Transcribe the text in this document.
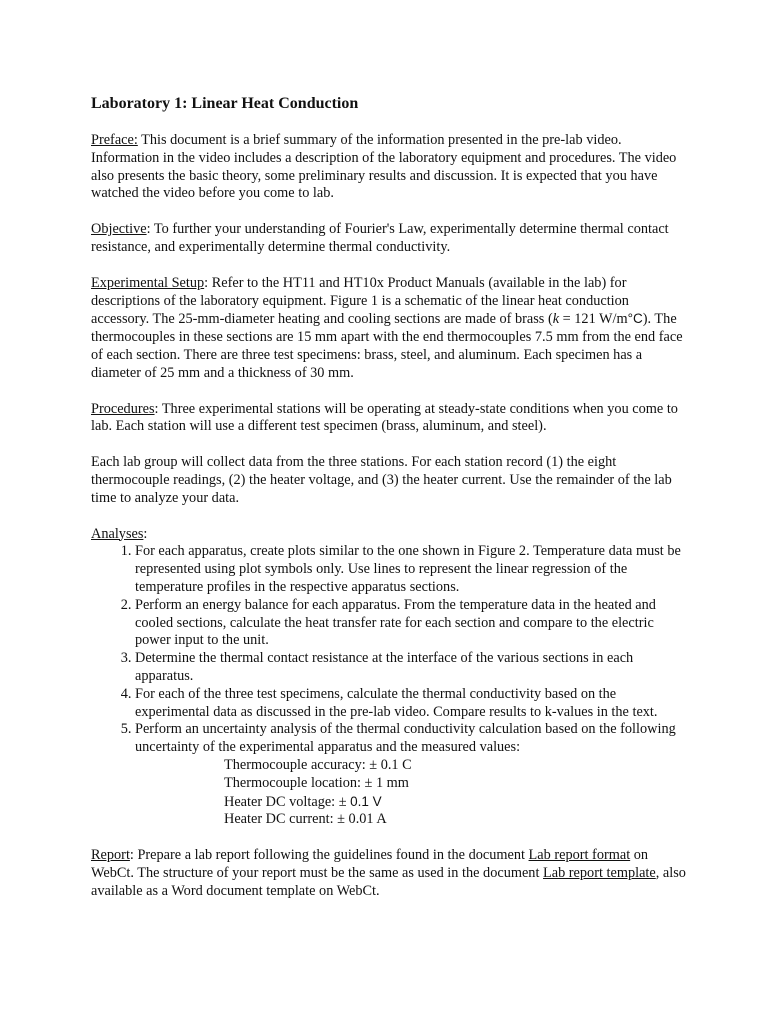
Laboratory 1: Linear Heat Conduction

Preface: This document is a brief summary of the information presented in the pre-lab video. Information in the video includes a description of the laboratory equipment and procedures. The video also presents the basic theory, some preliminary results and discussion. It is expected that you have watched the video before you come to lab.

Objective: To further your understanding of Fourier's Law, experimentally determine thermal contact resistance, and experimentally determine thermal conductivity.

Experimental Setup: Refer to the HT11 and HT10x Product Manuals (available in the lab) for descriptions of the laboratory equipment. Figure 1 is a schematic of the linear heat conduction accessory. The 25-mm-diameter heating and cooling sections are made of brass (k = 121 W/m°C). The thermocouples in these sections are 15 mm apart with the end thermocouples 7.5 mm from the end face of each section. There are three test specimens: brass, steel, and aluminum. Each specimen has a diameter of 25 mm and a thickness of 30 mm.

Procedures: Three experimental stations will be operating at steady-state conditions when you come to lab. Each station will use a different test specimen (brass, aluminum, and steel).

Each lab group will collect data from the three stations. For each station record (1) the eight thermocouple readings, (2) the heater voltage, and (3) the heater current. Use the remainder of the lab time to analyze your data.

Analyses:
1. For each apparatus, create plots similar to the one shown in Figure 2. Temperature data must be represented using plot symbols only. Use lines to represent the linear regression of the temperature profiles in the respective apparatus sections.
2. Perform an energy balance for each apparatus. From the temperature data in the heated and cooled sections, calculate the heat transfer rate for each section and compare to the electric power input to the unit.
3. Determine the thermal contact resistance at the interface of the various sections in each apparatus.
4. For each of the three test specimens, calculate the thermal conductivity based on the experimental data as discussed in the pre-lab video. Compare results to k-values in the text.
5. Perform an uncertainty analysis of the thermal conductivity calculation based on the following uncertainty of the experimental apparatus and the measured values:
Thermocouple accuracy: ± 0.1 C
Thermocouple location: ± 1 mm
Heater DC voltage: ± 0.1 V
Heater DC current: ± 0.01 A

Report: Prepare a lab report following the guidelines found in the document Lab report format on WebCt. The structure of your report must be the same as used in the document Lab report template, also available as a Word document template on WebCt.
